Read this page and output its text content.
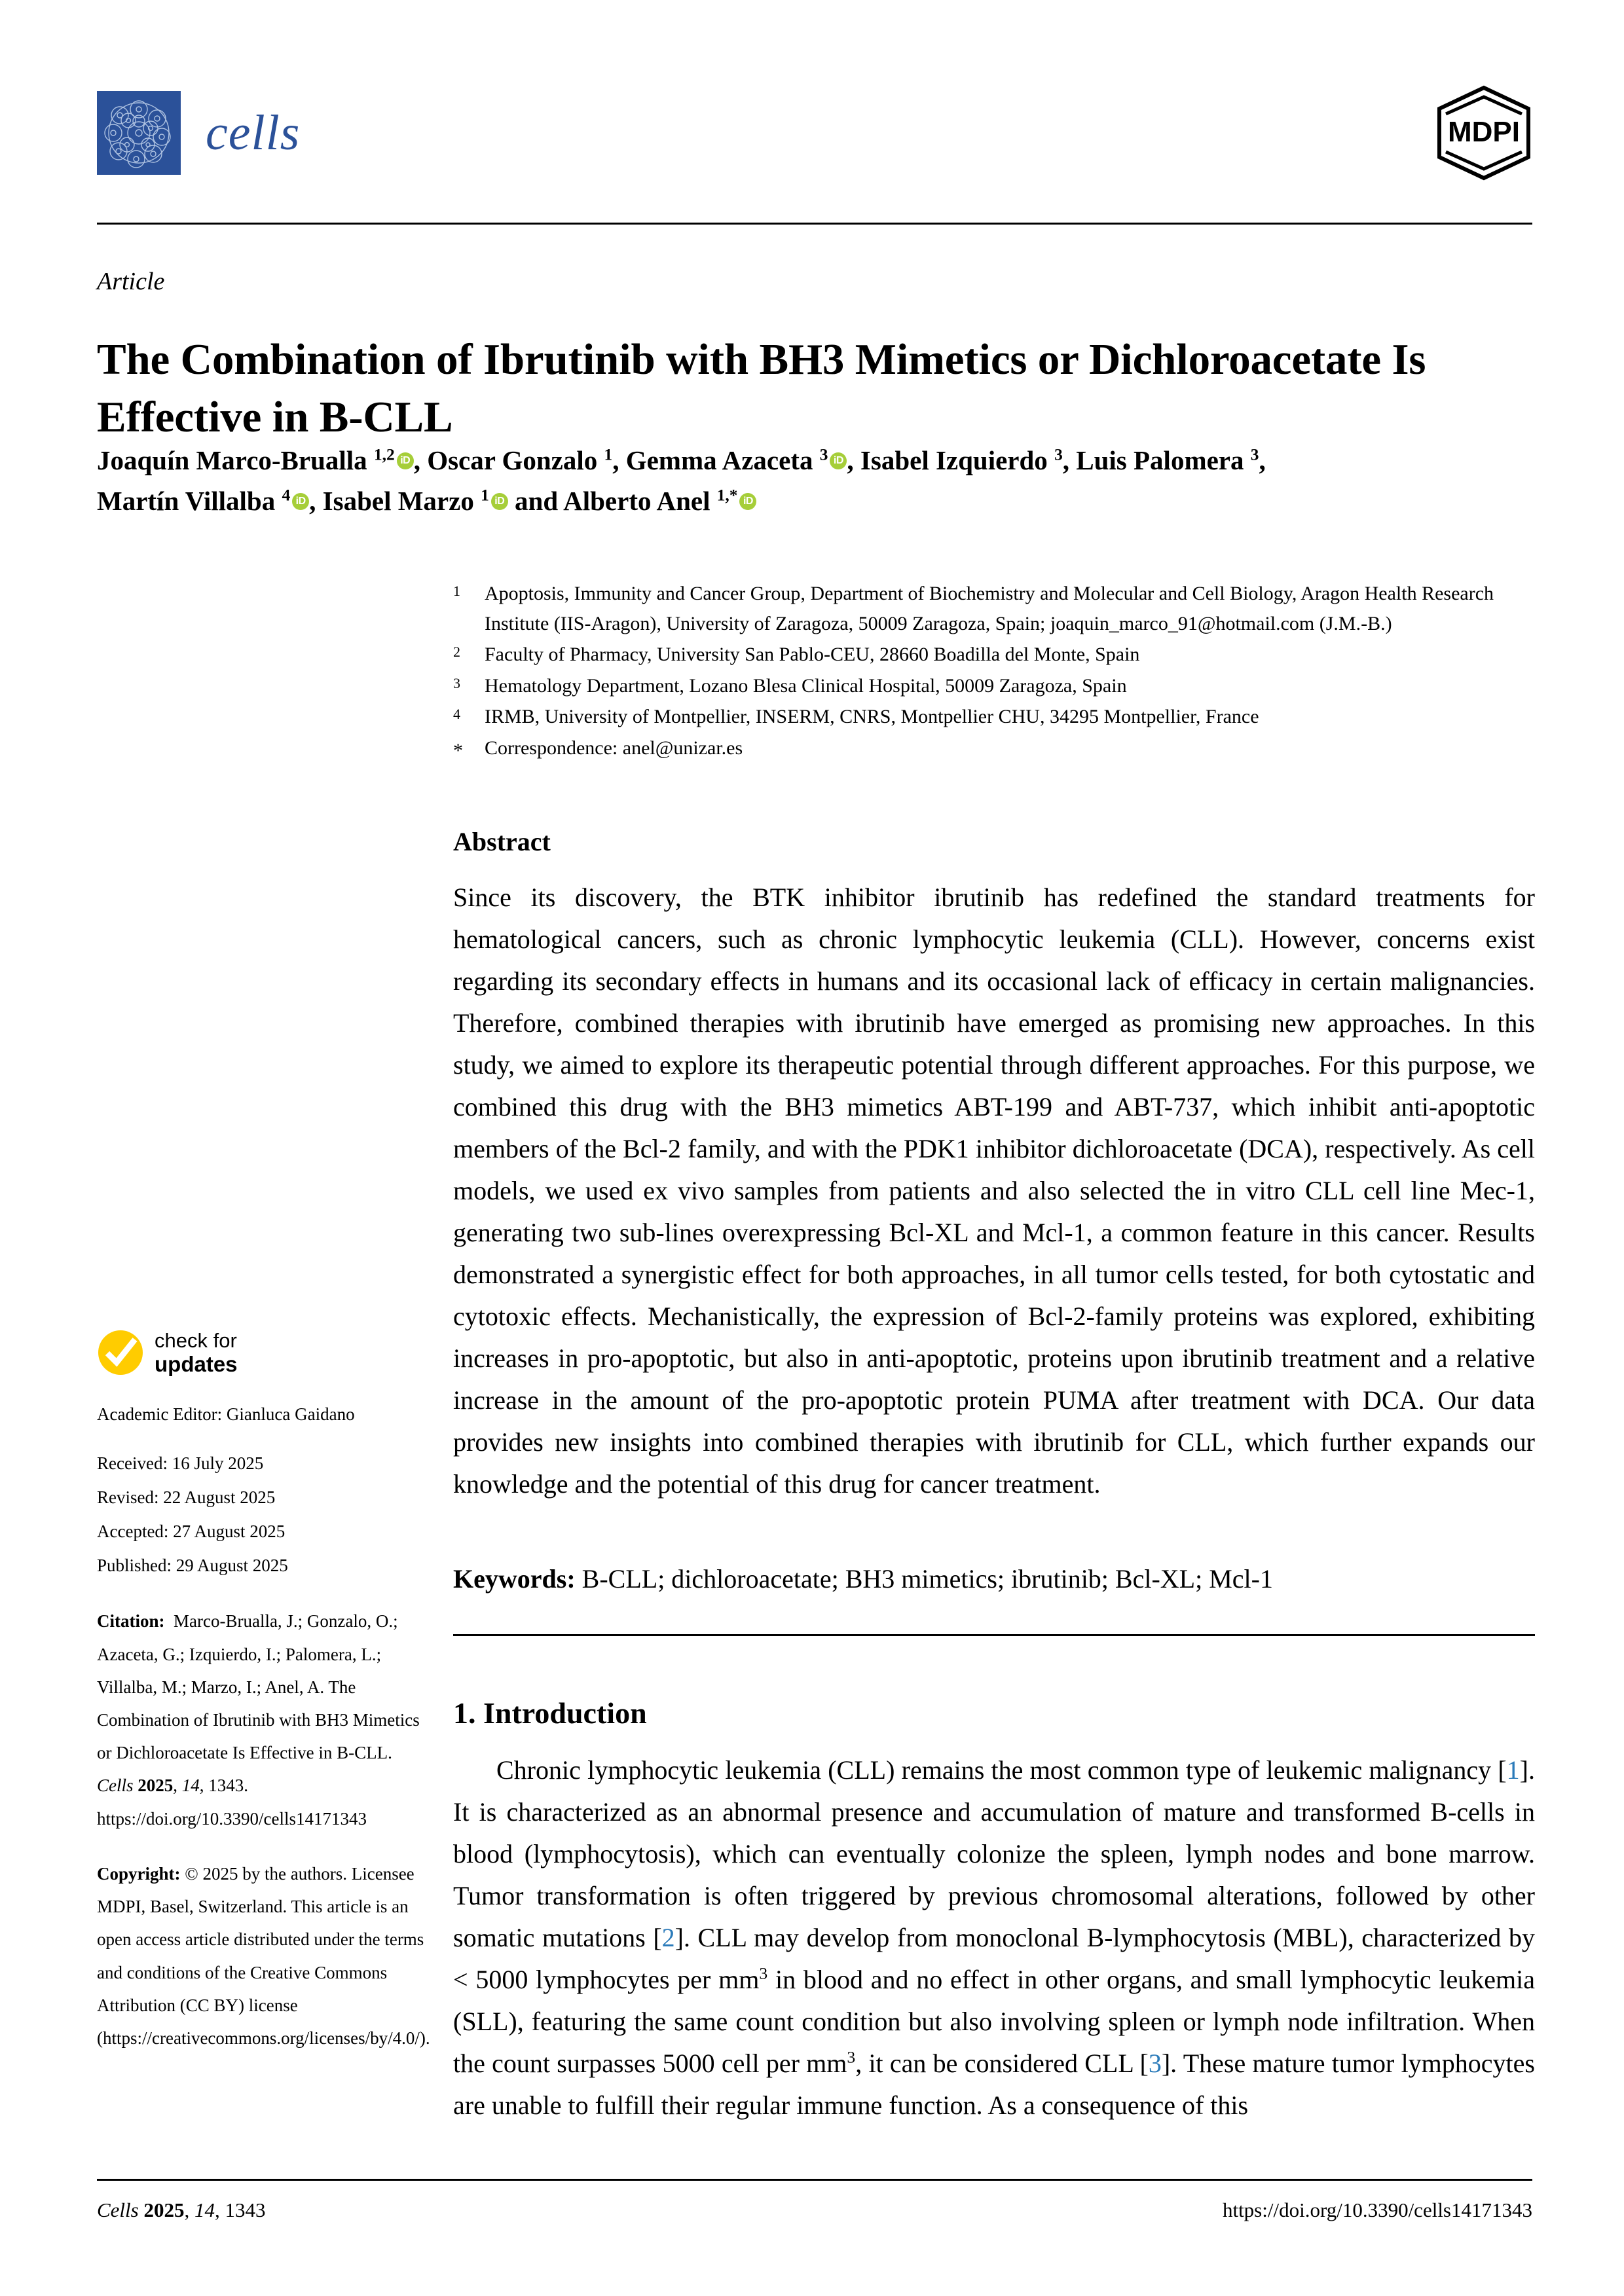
cells	MDPI
Article
The Combination of Ibrutinib with BH3 Mimetics or Dichloroacetate Is Effective in B-CLL
Joaquín Marco-Brualla $^{1,2}$ iD , Oscar Gonzalo $^1$, Gemma Azaceta $^3$ iD , Isabel Izquierdo $^3$, Luis Palomera $^3$,
Martín Villalba $^4$ iD , Isabel Marzo $^1$ iD and Alberto Anel $^{1,*}$ iD
1	Apoptosis, Immunity and Cancer Group, Department of Biochemistry and Molecular and Cell Biology, Aragon Health Research Institute (IIS-Aragon), University of Zaragoza, 50009 Zaragoza, Spain; joaquin_marco_91@hotmail.com (J.M.-B.)
2	Faculty of Pharmacy, University San Pablo-CEU, 28660 Boadilla del Monte, Spain
3	Hematology Department, Lozano Blesa Clinical Hospital, 50009 Zaragoza, Spain
4	IRMB, University of Montpellier, INSERM, CNRS, Montpellier CHU, 34295 Montpellier, France
*	Correspondence: anel@unizar.es
Abstract
Since its discovery, the BTK inhibitor ibrutinib has redefined the standard treatments for hematological cancers, such as chronic lymphocytic leukemia (CLL). However, concerns exist regarding its secondary effects in humans and its occasional lack of efficacy in certain malignancies. Therefore, combined therapies with ibrutinib have emerged as promising new approaches. In this study, we aimed to explore its therapeutic potential through different approaches. For this purpose, we combined this drug with the BH3 mimetics ABT-199 and ABT-737, which inhibit anti-apoptotic members of the Bcl-2 family, and with the PDK1 inhibitor dichloroacetate (DCA), respectively. As cell models, we used ex vivo samples from patients and also selected the in vitro CLL cell line Mec-1, generating two sub-lines overexpressing Bcl-XL and Mcl-1, a common feature in this cancer. Results demonstrated a synergistic effect for both approaches, in all tumor cells tested, for both cytostatic and cytotoxic effects. Mechanistically, the expression of Bcl-2-family proteins was explored, exhibiting increases in pro-apoptotic, but also in anti-apoptotic, proteins upon ibrutinib treatment and a relative increase in the amount of the pro-apoptotic protein PUMA after treatment with DCA. Our data provides new insights into combined therapies with ibrutinib for CLL, which further expands our knowledge and the potential of this drug for cancer treatment.
Keywords: B-CLL; dichloroacetate; BH3 mimetics; ibrutinib; Bcl-XL; Mcl-1
1. Introduction
Chronic lymphocytic leukemia (CLL) remains the most common type of leukemic malignancy [1]. It is characterized as an abnormal presence and accumulation of mature and transformed B-cells in blood (lymphocytosis), which can eventually colonize the spleen, lymph nodes and bone marrow. Tumor transformation is often triggered by previous chromosomal alterations, followed by other somatic mutations [2]. CLL may develop from monoclonal B-lymphocytosis (MBL), characterized by < 5000 lymphocytes per $mm^3$ in blood and no effect in other organs, and small lymphocytic leukemia (SLL), featuring the same count condition but also involving spleen or lymph node infiltration. When the count surpasses 5000 cell per $mm^3$, it can be considered CLL [3]. These mature tumor lymphocytes are unable to fulfill their regular immune function. As a consequence of this
check for
updates
Academic Editor: Gianluca Gaidano
Received: 16 July 2025
Revised: 22 August 2025
Accepted: 27 August 2025
Published: 29 August 2025
Citation:  Marco-Brualla, J.; Gonzalo, O.; Azaceta, G.; Izquierdo, I.; Palomera, L.; Villalba, M.; Marzo, I.; Anel, A. The Combination of Ibrutinib with BH3 Mimetics or Dichloroacetate Is Effective in B-CLL. Cells 2025, 14, 1343. https://doi.org/10.3390/cells14171343
Copyright: © 2025 by the authors. Licensee MDPI, Basel, Switzerland. This article is an open access article distributed under the terms and conditions of the Creative Commons Attribution (CC BY) license (https://creativecommons.org/licenses/by/4.0/).
Cells 2025, 14, 1343	https://doi.org/10.3390/cells14171343
